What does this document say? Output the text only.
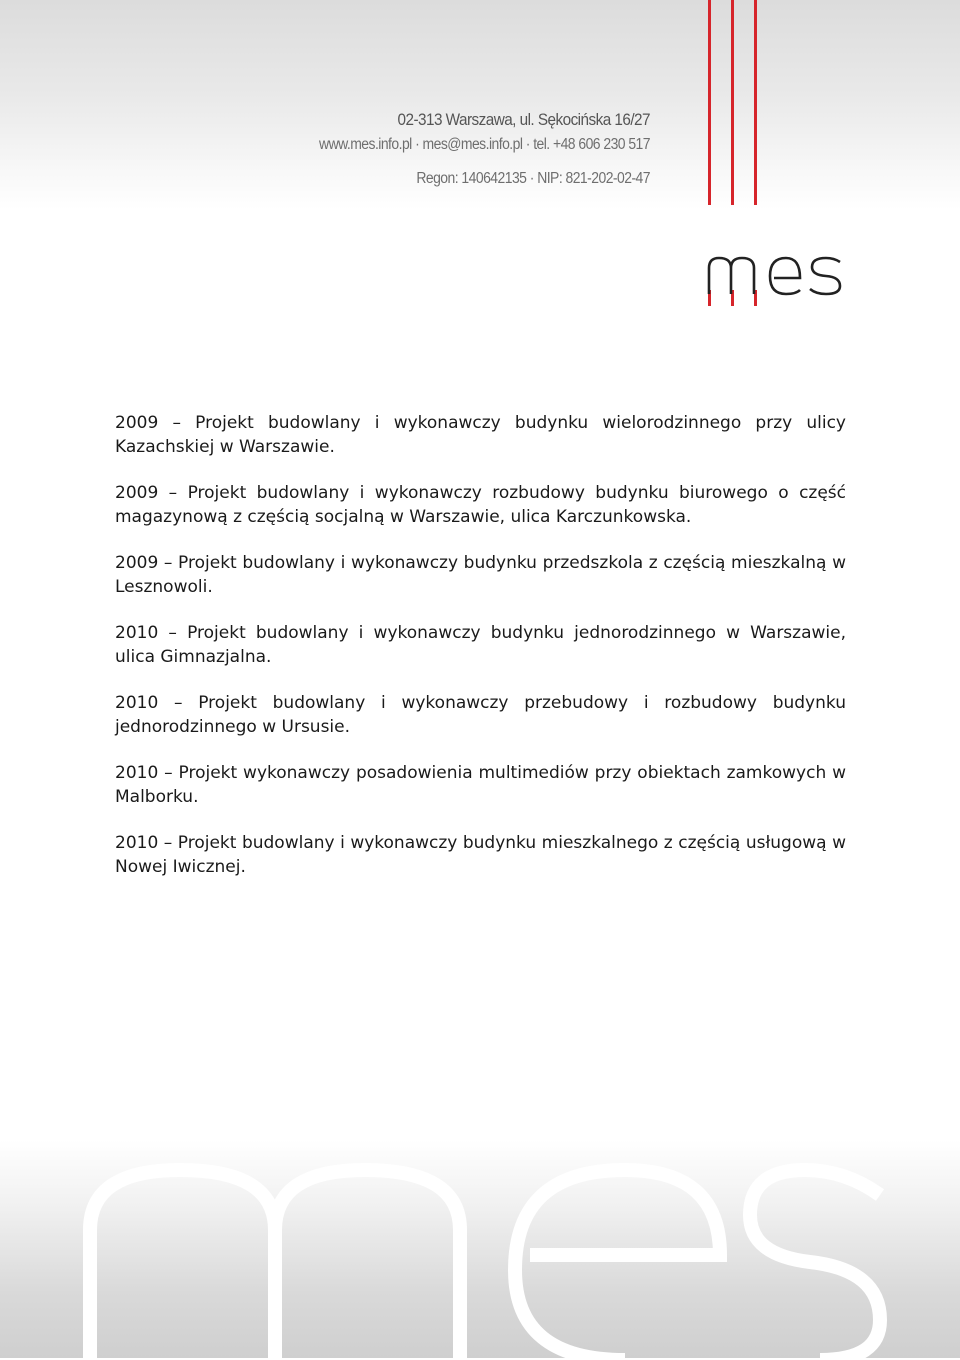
02-313 Warszawa, ul. Sękocińska 16/27
www.mes.info.pl · mes@mes.info.pl · tel. +48 606 230 517
Regon: 140642135 · NIP: 821-202-02-47

2009 – Projekt budowlany i wykonawczy budynku wielorodzinnego przy ulicy Kazachskiej w Warszawie.

2009 – Projekt budowlany i wykonawczy rozbudowy budynku biurowego o część magazynową z częścią socjalną w Warszawie, ulica Karczunkowska.

2009 – Projekt budowlany i wykonawczy budynku przedszkola z częścią mieszkalną w Lesznowoli.

2010 – Projekt budowlany i wykonawczy budynku jednorodzinnego w Warszawie, ulica Gimnazjalna.

2010 – Projekt budowlany i wykonawczy przebudowy i rozbudowy budynku jednorodzinnego w Ursusie.

2010 – Projekt wykonawczy posadowienia multimediów przy obiektach zamkowych w Malborku.

2010 – Projekt budowlany i wykonawczy budynku mieszkalnego z częścią usługową w Nowej Iwicznej.
